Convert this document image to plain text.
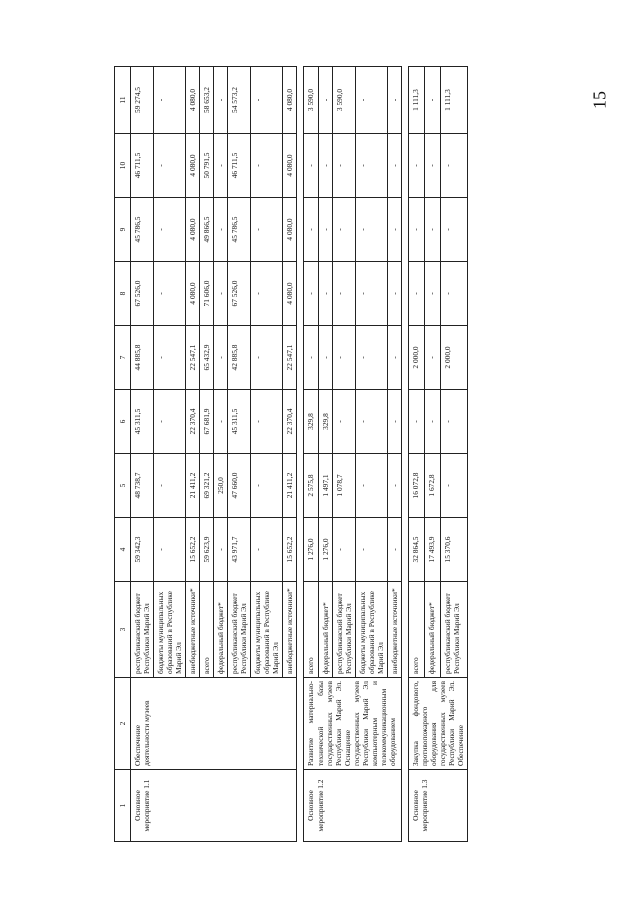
15
1	2	3	4	5	6	7	8	9	10	11
Основное мероприятие 1.1	Обеспечение деятельности музеев	республиканский бюджет Республики Марий Эл	59 342,3	48 738,7	45 311,5	44 885,8	67 526,0	45 786,5	46 711,5	59 274,5
		бюджеты муниципальных образований в Республике Марий Эл	-	-	-	-	-	-	-	-
		внебюджетные источники*	15 652,2	21 411,2	22 370,4	22 547,1	4 080,0	4 080,0	4 080,0	4 080,0
		всего	59 623,9	69 321,2	67 681,9	65 432,9	71 606,0	49 866,5	50 791,5	58 653,2
		федеральный бюджет*	-	250,0	-	-	-	-	-	-
		республиканский бюджет Республики Марий Эл	43 971,7	47 660,0	45 311,5	42 885,8	67 526,0	45 786,5	46 711,5	54 573,2
		бюджеты муниципальных образований в Республике Марий Эл	-	-	-	-	-	-	-	-
		внебюджетные источники*	15 652,2	21 411,2	22 370,4	22 547,1	4 080,0	4 080,0	4 080,0	4 080,0

Основное мероприятие 1.2	Развитие материально-технической базы государственных музеев Республики Марий Эл. Оснащение государственных музеев Республики Марий Эл компьютерным и телекоммуникационным оборудованием	всего	1 276,0	2 575,8	329,8	-	-	-	-	3 590,0
		федеральный бюджет*	1 276,0	1 497,1	329,8	-	-	-	-	-
		республиканский бюджет Республики Марий Эл	-	1 078,7	-	-	-	-	-	3 590,0
		бюджеты муниципальных образований в Республике Марий Эл	-	-	-	-	-	-	-	-
		внебюджетные источники*	-	-	-	-	-	-	-	-

Основное мероприятие 1.3	Закупка фондового, противопожарного оборудования для государственных музеев Республики Марий Эл. Обеспечение	всего	32 864,5	16 072,8	-	2 000,0	-	-	-	1 111,3
		федеральный бюджет*	17 493,9	1 672,8	-	-	-	-	-	-
		республиканский бюджет Республики Марий Эл	15 370,6	-	-	2 000,0	-	-	-	1 111,3
